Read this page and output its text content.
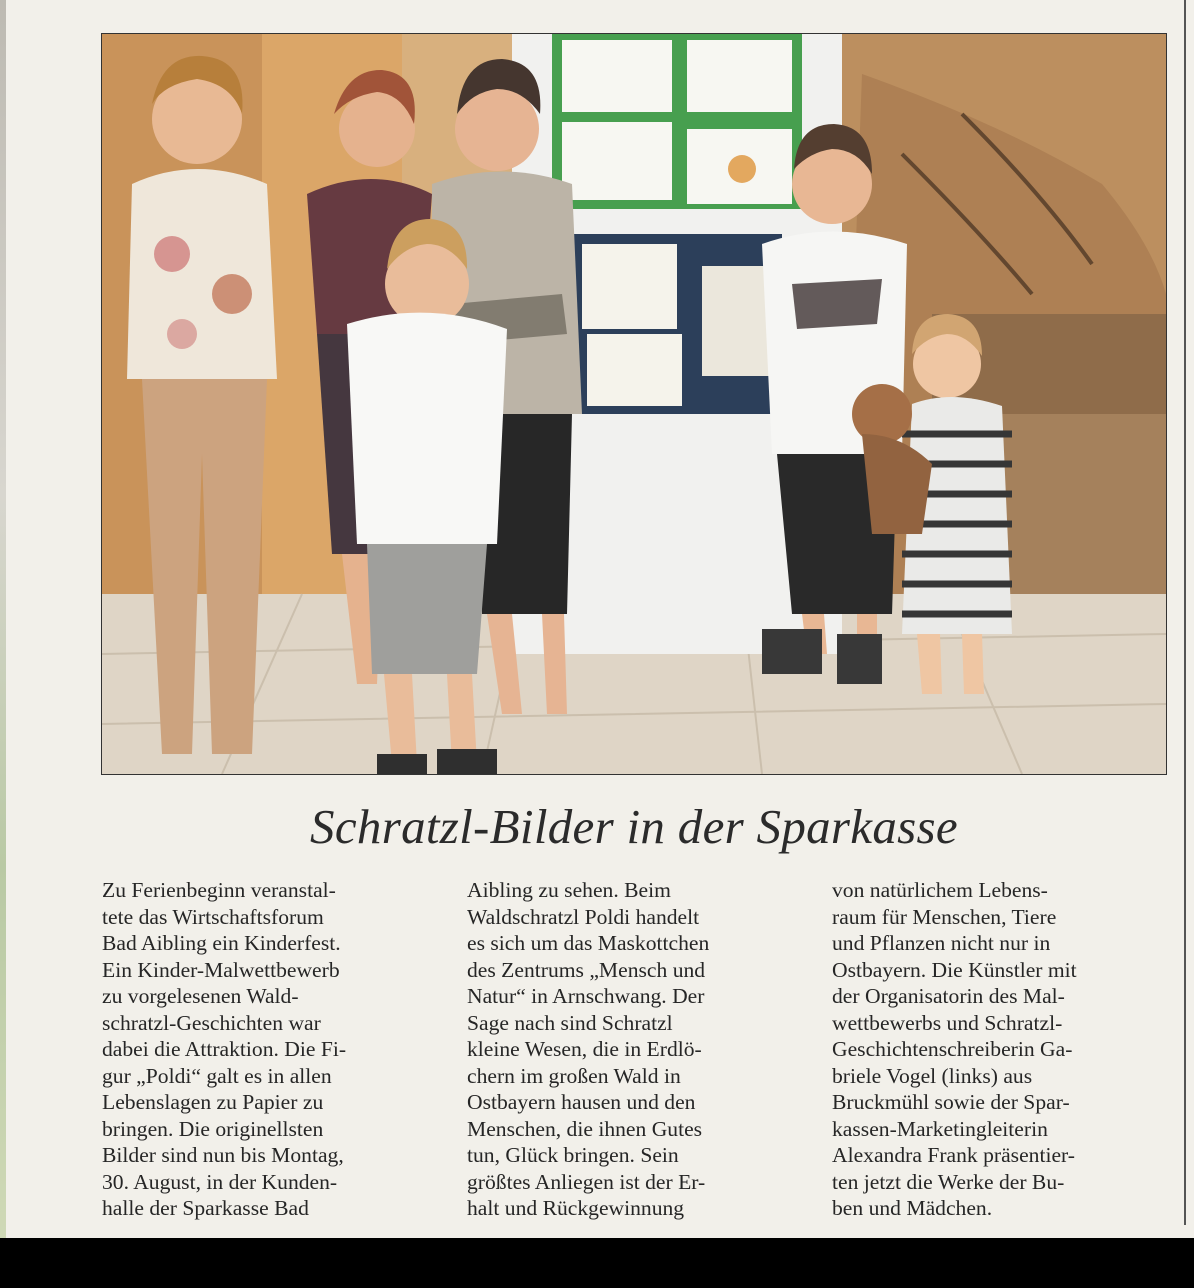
Schratzl-Bilder in der Sparkasse
Zu Ferienbeginn veranstal-
tete das Wirtschaftsforum
Bad Aibling ein Kinderfest.
Ein Kinder-Malwettbewerb
zu vorgelesenen Wald-
schratzl-Geschichten war
dabei die Attraktion. Die Fi-
gur „Poldi“ galt es in allen
Lebenslagen zu Papier zu
bringen. Die originellsten
Bilder sind nun bis Montag,
30. August, in der Kunden-
halle der Sparkasse Bad
Aibling zu sehen. Beim
Waldschratzl Poldi handelt
es sich um das Maskottchen
des Zentrums „Mensch und
Natur“ in Arnschwang. Der
Sage nach sind Schratzl
kleine Wesen, die in Erdlö-
chern im großen Wald in
Ostbayern hausen und den
Menschen, die ihnen Gutes
tun, Glück bringen. Sein
größtes Anliegen ist der Er-
halt und Rückgewinnung
von natürlichem Lebens-
raum für Menschen, Tiere
und Pflanzen nicht nur in
Ostbayern. Die Künstler mit
der Organisatorin des Mal-
wettbewerbs und Schratzl-
Geschichtenschreiberin Ga-
briele Vogel (links) aus
Bruckmühl sowie der Spar-
kassen-Marketingleiterin
Alexandra Frank präsentier-
ten jetzt die Werke der Bu-
ben und Mädchen.
